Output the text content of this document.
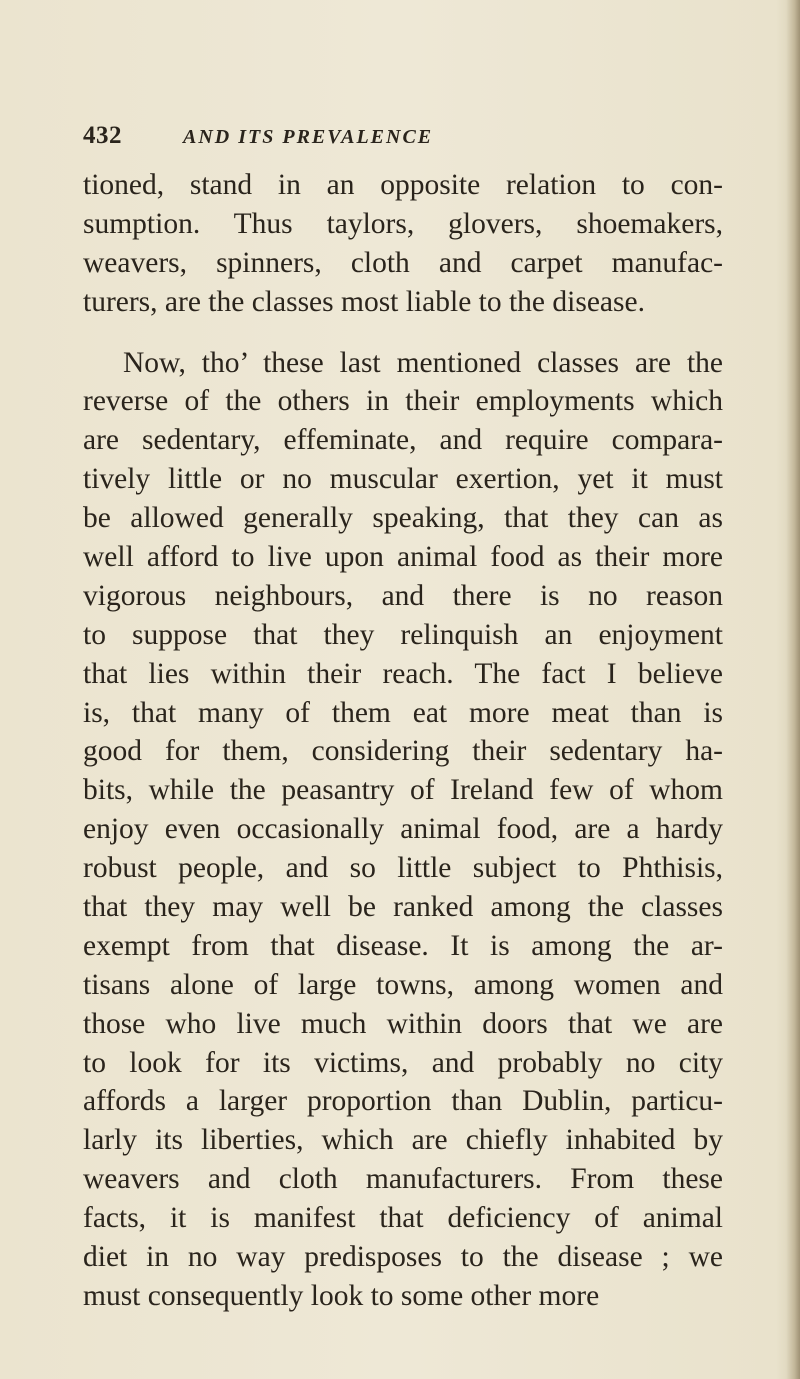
432	AND ITS PREVALENCE
tioned, stand in an opposite relation to con-
sumption. Thus taylors, glovers, shoemakers,
weavers, spinners, cloth and carpet manufac-
turers, are the classes most liable to the disease.
Now, tho’ these last mentioned classes are the
reverse of the others in their employments which
are sedentary, effeminate, and require compara-
tively little or no muscular exertion, yet it must
be allowed generally speaking, that they can as
well afford to live upon animal food as their more
vigorous neighbours, and there is no reason
to suppose that they relinquish an enjoyment
that lies within their reach. The fact I believe
is, that many of them eat more meat than is
good for them, considering their sedentary ha-
bits, while the peasantry of Ireland few of whom
enjoy even occasionally animal food, are a hardy
robust people, and so little subject to Phthisis,
that they may well be ranked among the classes
exempt from that disease. It is among the ar-
tisans alone of large towns, among women and
those who live much within doors that we are
to look for its victims, and probably no city
affords a larger proportion than Dublin, particu-
larly its liberties, which are chiefly inhabited by
weavers and cloth manufacturers. From these
facts, it is manifest that deficiency of animal
diet in no way predisposes to the disease ; we
must consequently look to some other more
